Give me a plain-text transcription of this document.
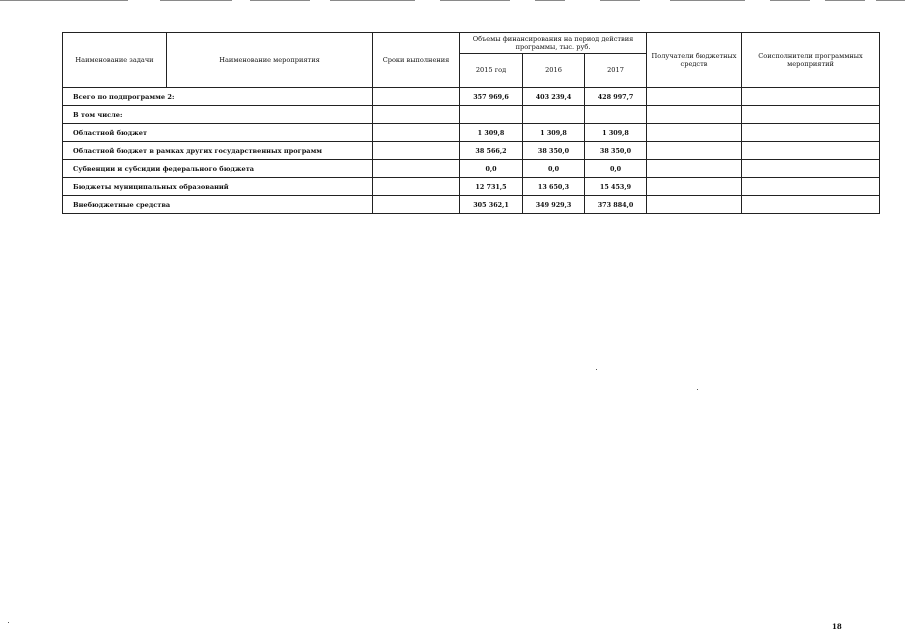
Наименование задачи	Наименование мероприятия	Сроки выполнения	Объемы финансирования на период действия программы, тыс. руб.			Получатели бюджетных средств	Соисполнители программных мероприятий
			2015 год	2016	2017		
Всего по подпрограмме 2:			357 969,6	403 239,4	428 997,7		
В том числе:							
Областной бюджет			1 309,8	1 309,8	1 309,8		
Областной бюджет в рамках других государственных программ			38 566,2	38 350,0	38 350,0		
Субвенции и субсидии федерального бюджета			0,0	0,0	0,0		
Бюджеты муниципальных образований			12 731,5	13 650,3	15 453,9		
Внебюджетные средства			305 362,1	349 929,3	373 884,0		
18
